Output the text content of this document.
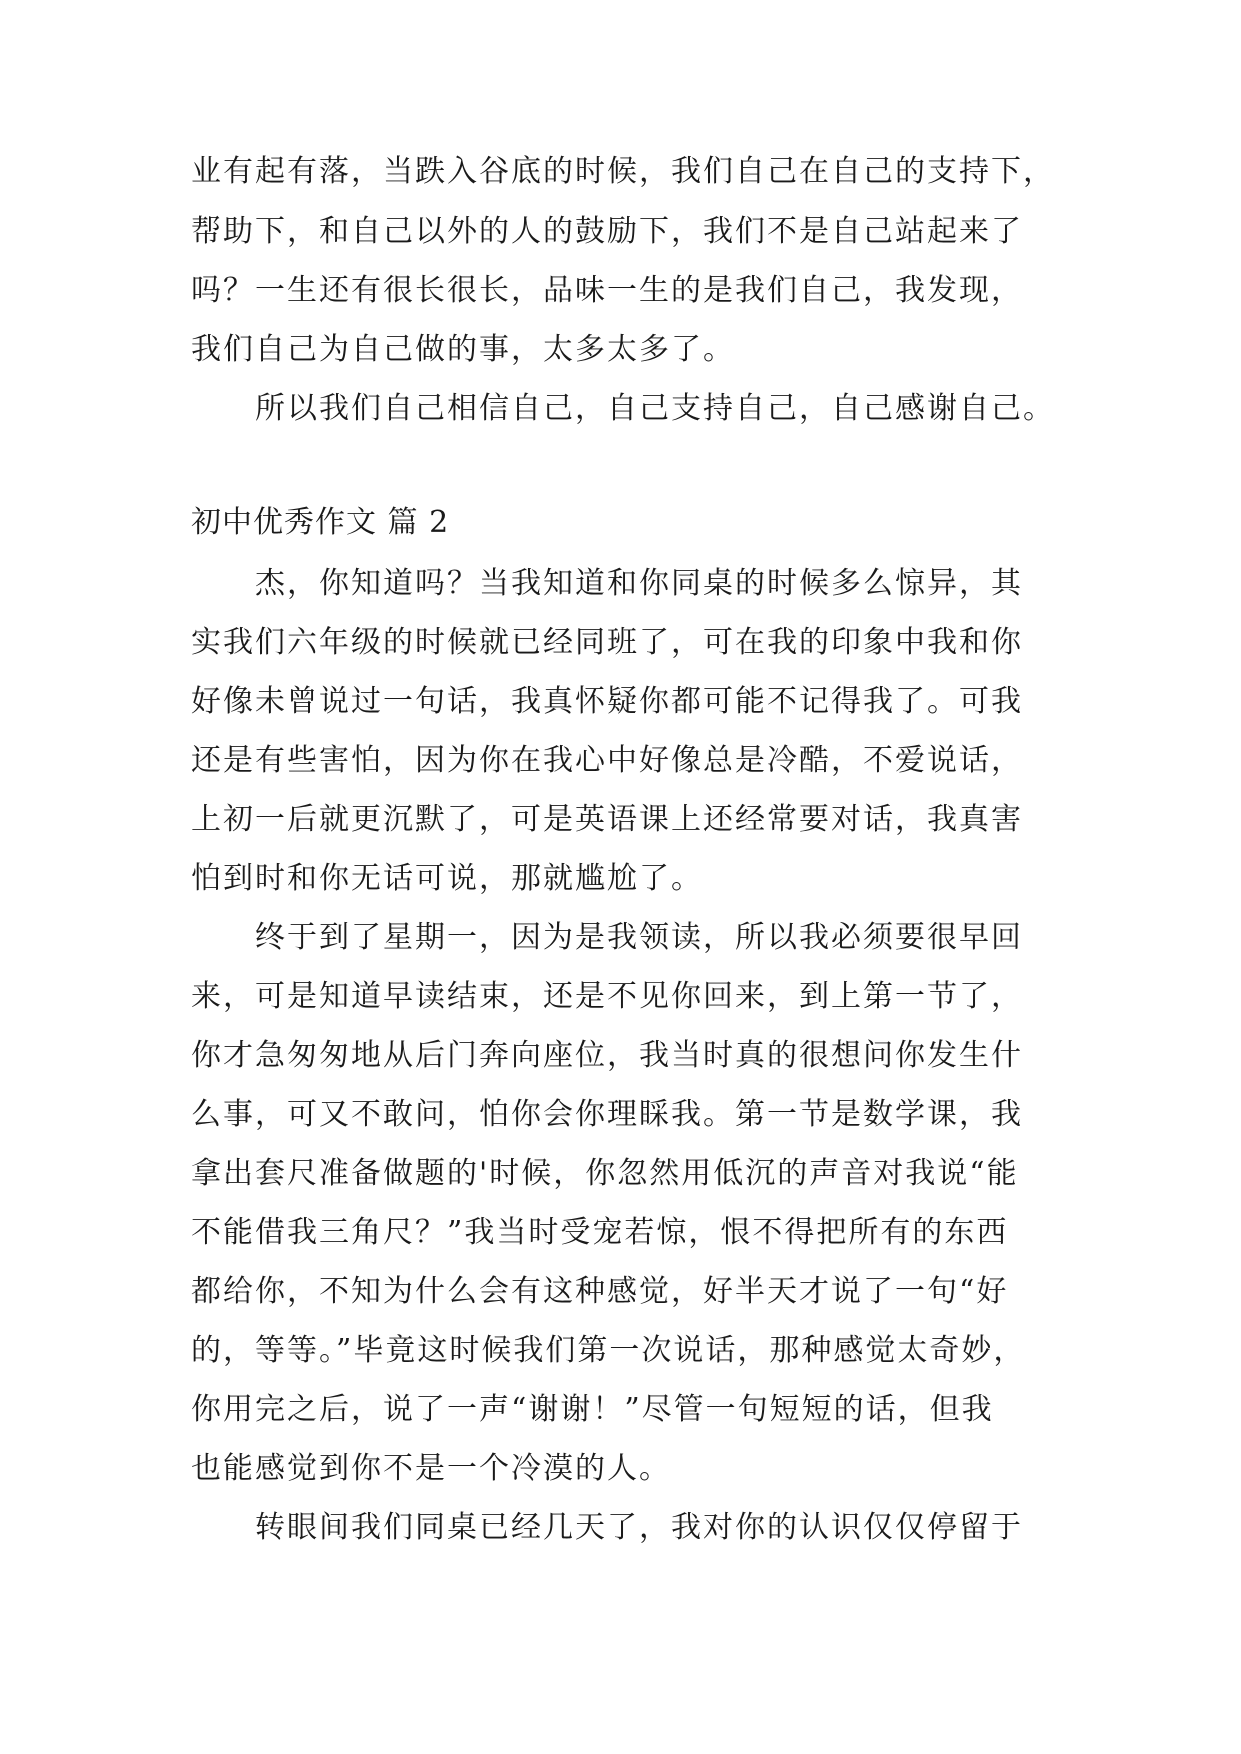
业有起有落，当跌入谷底的时候，我们自己在自己的支持下，
帮助下，和自己以外的人的鼓励下，我们不是自己站起来了
吗？一生还有很长很长，品味一生的是我们自己，我发现，
我们自己为自己做的事，太多太多了。
所以我们自己相信自己，自己支持自己，自己感谢自己。
初中优秀作文 篇 2
杰，你知道吗？当我知道和你同桌的时候多么惊异，其
实我们六年级的时候就已经同班了，可在我的印象中我和你
好像未曾说过一句话，我真怀疑你都可能不记得我了。可我
还是有些害怕，因为你在我心中好像总是冷酷，不爱说话，
上初一后就更沉默了，可是英语课上还经常要对话，我真害
怕到时和你无话可说，那就尴尬了。
终于到了星期一，因为是我领读，所以我必须要很早回
来，可是知道早读结束，还是不见你回来，到上第一节了，
你才急匆匆地从后门奔向座位，我当时真的很想问你发生什
么事，可又不敢问，怕你会你理睬我。第一节是数学课，我
拿出套尺准备做题的'时候，你忽然用低沉的声音对我说“能
不能借我三角尺？”我当时受宠若惊，恨不得把所有的东西
都给你，不知为什么会有这种感觉，好半天才说了一句“好
的，等等。”毕竟这时候我们第一次说话，那种感觉太奇妙，
你用完之后，说了一声“谢谢！”尽管一句短短的话，但我
也能感觉到你不是一个冷漠的人。
转眼间我们同桌已经几天了，我对你的认识仅仅停留于
